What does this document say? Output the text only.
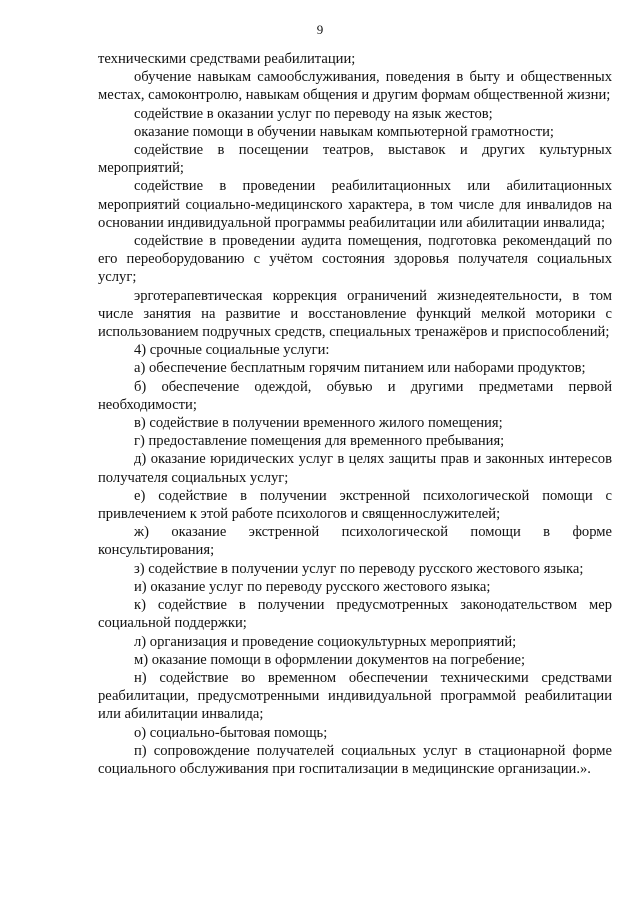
9

техническими средствами реабилитации;

обучение навыкам самообслуживания, поведения в быту и общественных местах, самоконтролю, навыкам общения и другим формам общественной жизни;

содействие в оказании услуг по переводу на язык жестов;

оказание помощи в обучении навыкам компьютерной грамотности;

содействие в посещении театров, выставок и других культурных мероприятий;

содействие в проведении реабилитационных или абилитационных мероприятий социально-медицинского характера, в том числе для инвалидов на основании индивидуальной программы реабилитации или абилитации инвалида;

содействие в проведении аудита помещения, подготовка рекомендаций по его переоборудованию с учётом состояния здоровья получателя социальных услуг;

эрготерапевтическая коррекция ограничений жизнедеятельности, в том числе занятия на развитие и восстановление функций мелкой моторики с использованием подручных средств, специальных тренажёров и приспособлений;

4) срочные социальные услуги:

а) обеспечение бесплатным горячим питанием или наборами продуктов;

б) обеспечение одеждой, обувью и другими предметами первой необходимости;

в) содействие в получении временного жилого помещения;

г) предоставление помещения для временного пребывания;

д) оказание юридических услуг в целях защиты прав и законных интересов получателя социальных услуг;

е) содействие в получении экстренной психологической помощи с привлечением к этой работе психологов и священнослужителей;

ж) оказание экстренной психологической помощи в форме консультирования;

з) содействие в получении услуг по переводу русского жестового языка;

и) оказание услуг по переводу русского жестового языка;

к) содействие в получении предусмотренных законодательством мер социальной поддержки;

л) организация и проведение социокультурных мероприятий;

м) оказание помощи в оформлении документов на погребение;

н) содействие во временном обеспечении техническими средствами реабилитации, предусмотренными индивидуальной программой реабилитации или абилитации инвалида;

о) социально-бытовая помощь;

п) сопровождение получателей социальных услуг в стационарной форме социального обслуживания при госпитализации в медицинские организации.».
